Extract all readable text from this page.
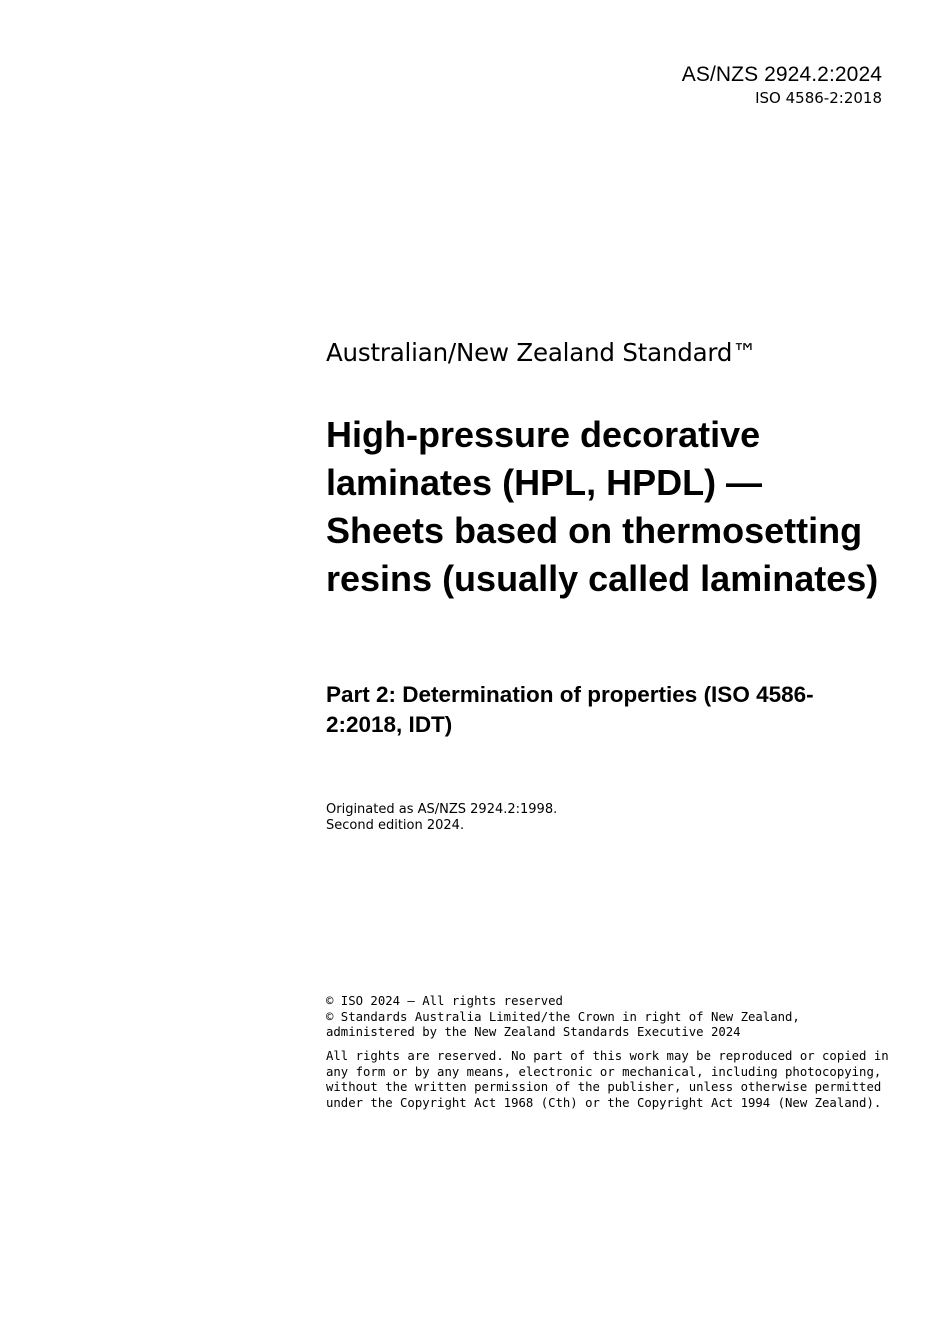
AS/NZS 2924.2:2024
ISO 4586-2:2018
Australian/New Zealand Standard™
High-pressure decorative laminates (HPL, HPDL) — Sheets based on thermosetting resins (usually called laminates)
Part 2: Determination of properties (ISO 4586-2:2018, IDT)
Originated as AS/NZS 2924.2:1998.
Second edition 2024.
© ISO 2024 — All rights reserved
© Standards Australia Limited/the Crown in right of New Zealand, administered by the New Zealand Standards Executive 2024

All rights are reserved. No part of this work may be reproduced or copied in any form or by any means, electronic or mechanical, including photocopying, without the written permission of the publisher, unless otherwise permitted under the Copyright Act 1968 (Cth) or the Copyright Act 1994 (New Zealand).
